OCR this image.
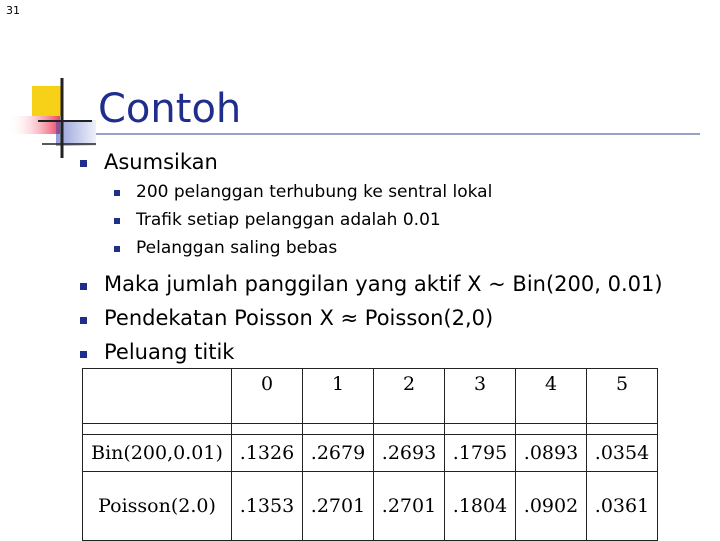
31
Contoh
Asumsikan
200 pelanggan terhubung ke sentral lokal
Trafik setiap pelanggan adalah 0.01
Pelanggan saling bebas
Maka jumlah panggilan yang aktif X ~ Bin(200, 0.01)
Pendekatan Poisson X ≈ Poisson(2,0)
Peluang titik
	0	1	2	3	4	5

Bin(200,0.01)	.1326	.2679	.2693	.1795	.0893	.0354
Poisson(2.0)	.1353	.2701	.2701	.1804	.0902	.0361
